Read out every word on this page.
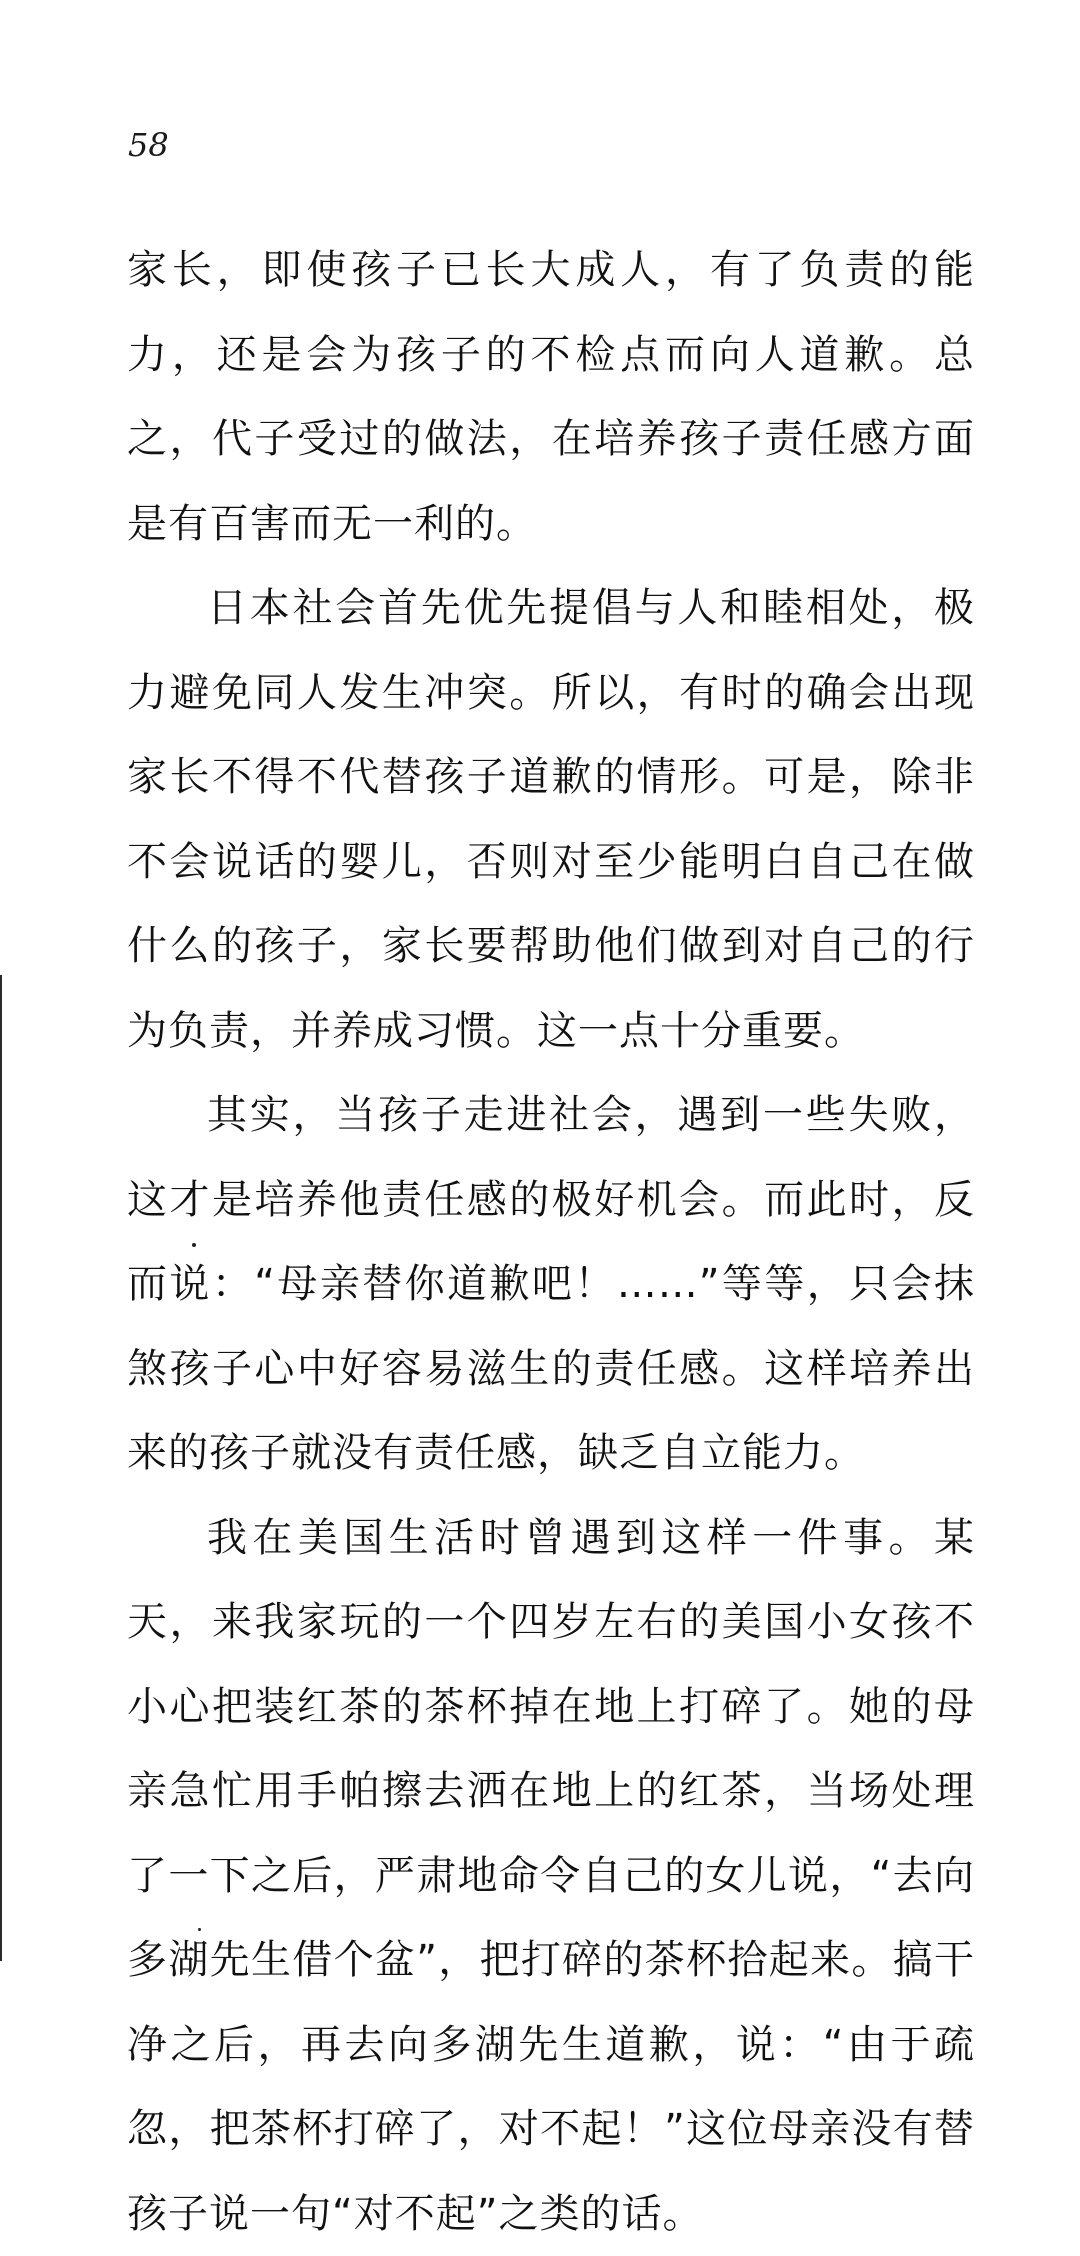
58

家长，即使孩子已长大成人，有了负责的能力，还是会为孩子的不检点而向人道歉。总之，代子受过的做法，在培养孩子责任感方面是有百害而无一利的。

日本社会首先优先提倡与人和睦相处，极力避免同人发生冲突。所以，有时的确会出现家长不得不代替孩子道歉的情形。可是，除非不会说话的婴儿，否则对至少能明白自己在做什么的孩子，家长要帮助他们做到对自己的行为负责，并养成习惯。这一点十分重要。

其实，当孩子走进社会，遇到一些失败，这才是培养他责任感的极好机会。而此时，反而说：“母亲替你道歉吧！……”等等，只会抹煞孩子心中好容易滋生的责任感。这样培养出来的孩子就没有责任感，缺乏自立能力。

我在美国生活时曾遇到这样一件事。某天，来我家玩的一个四岁左右的美国小女孩不小心把装红茶的茶杯掉在地上打碎了。她的母亲急忙用手帕擦去洒在地上的红茶，当场处理了一下之后，严肃地命令自己的女儿说，“去向多湖先生借个盆”，把打碎的茶杯拾起来。搞干净之后，再去向多湖先生道歉，说：“由于疏忽，把茶杯打碎了，对不起！”这位母亲没有替孩子说一句“对不起”之类的话。
